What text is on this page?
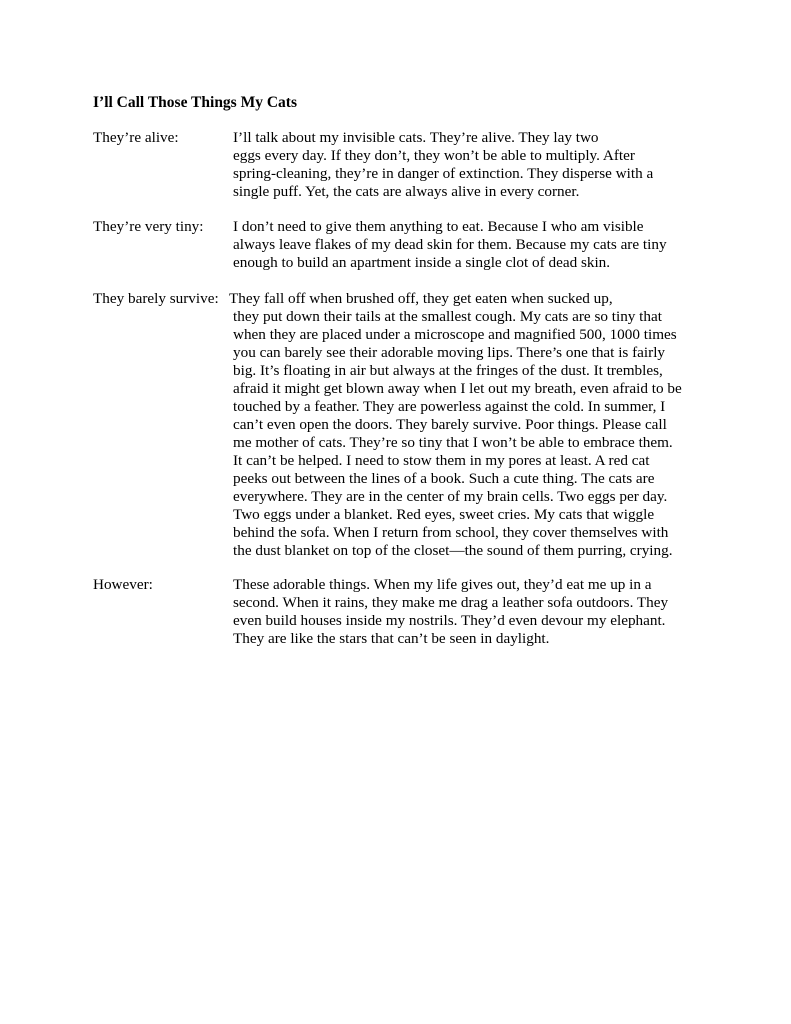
I’ll Call Those Things My Cats
They’re alive:	I’ll talk about my invisible cats. They’re alive. They lay two
eggs every day. If they don’t, they won’t be able to multiply. After
spring-cleaning, they’re in danger of extinction. They disperse with a
single puff. Yet, the cats are always alive in every corner.
They’re very tiny: I don’t need to give them anything to eat. Because I who am visible
always leave flakes of my dead skin for them. Because my cats are tiny
enough to build an apartment inside a single clot of dead skin.
They barely survive: They fall off when brushed off, they get eaten when sucked up,
they put down their tails at the smallest cough. My cats are so tiny that
when they are placed under a microscope and magnified 500, 1000 times
you can barely see their adorable moving lips. There’s one that is fairly
big. It’s floating in air but always at the fringes of the dust. It trembles,
afraid it might get blown away when I let out my breath, even afraid to be
touched by a feather. They are powerless against the cold. In summer, I
can’t even open the doors. They barely survive. Poor things. Please call
me mother of cats. They’re so tiny that I won’t be able to embrace them.
It can’t be helped. I need to stow them in my pores at least. A red cat
peeks out between the lines of a book. Such a cute thing. The cats are
everywhere. They are in the center of my brain cells. Two eggs per day.
Two eggs under a blanket. Red eyes, sweet cries. My cats that wiggle
behind the sofa. When I return from school, they cover themselves with
the dust blanket on top of the closet—the sound of them purring, crying.
However:	These adorable things. When my life gives out, they’d eat me up in a
second. When it rains, they make me drag a leather sofa outdoors. They
even build houses inside my nostrils. They’d even devour my elephant.
They are like the stars that can’t be seen in daylight.
